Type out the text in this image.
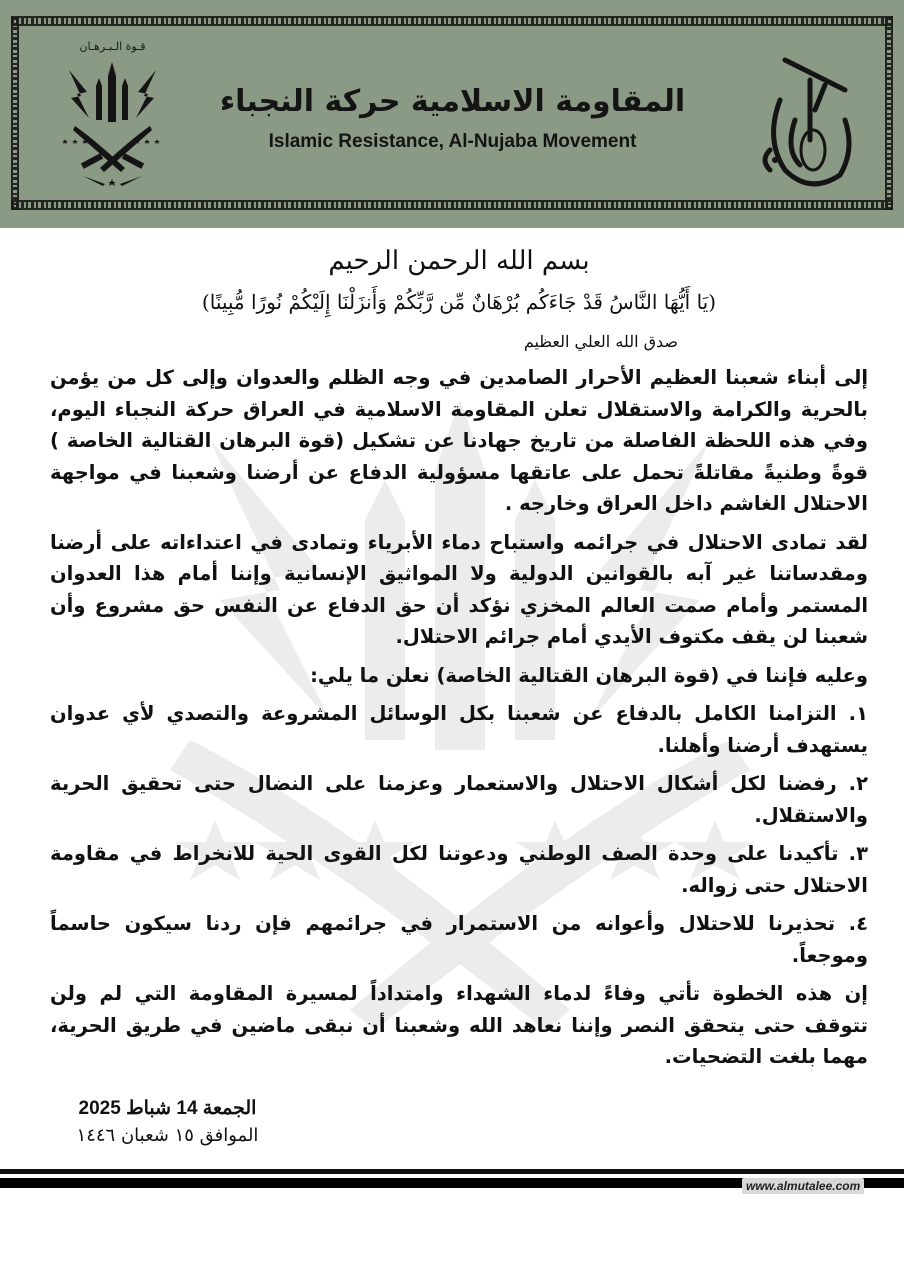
قـوة الـبـرهـان
المقاومة الاسلامية حركة النجباء
Islamic Resistance, Al-Nujaba Movement

بسم الله الرحمن الرحيم

(يَا أَيُّهَا النَّاسُ قَدْ جَاءَكُم بُرْهَانٌ مِّن رَّبِّكُمْ وَأَنزَلْنَا إِلَيْكُمْ نُورًا مُّبِينًا)

صدق الله العلي العظيم

إلى أبناء شعبنا العظيم الأحرار الصامدين في وجه الظلم والعدوان وإلى كل من يؤمن بالحرية والكرامة والاستقلال تعلن المقاومة الاسلامية في العراق حركة النجباء اليوم، وفي هذه اللحظة الفاصلة من تاريخ جهادنا عن تشكيل (قوة البرهان القتالية الخاصة ) قوةً وطنيةً مقاتلةً تحمل على عاتقها مسؤولية الدفاع عن أرضنا وشعبنا في مواجهة الاحتلال الغاشم داخل العراق وخارجه .

لقد تمادى الاحتلال في جرائمه واستباح دماء الأبرياء وتمادى في اعتداءاته على أرضنا ومقدساتنا غير آبه بالقوانين الدولية ولا المواثيق الإنسانية وإننا أمام هذا العدوان المستمر وأمام صمت العالم المخزي نؤكد أن حق الدفاع عن النفس حق مشروع وأن شعبنا لن يقف مكتوف الأيدي أمام جرائم الاحتلال.

وعليه فإننا في (قوة البرهان القتالية الخاصة) نعلن ما يلي:

١. التزامنا الكامل بالدفاع عن شعبنا بكل الوسائل المشروعة والتصدي لأي عدوان يستهدف أرضنا وأهلنا.

٢. رفضنا لكل أشكال الاحتلال والاستعمار وعزمنا على النضال حتى تحقيق الحرية والاستقلال.

٣. تأكيدنا على وحدة الصف الوطني ودعوتنا لكل القوى الحية للانخراط في مقاومة الاحتلال حتى زواله.

٤. تحذيرنا للاحتلال وأعوانه من الاستمرار في جرائمهم فإن ردنا سيكون حاسماً وموجعاً.

إن هذه الخطوة تأتي وفاءً لدماء الشهداء وامتداداً لمسيرة المقاومة التي لم ولن تتوقف حتى يتحقق النصر وإننا نعاهد الله وشعبنا أن نبقى ماضين في طريق الحرية، مهما بلغت التضحيات.

الجمعة 14 شباط 2025
الموافق ١٥ شعبان ١٤٤٦
www.almutalee.com
